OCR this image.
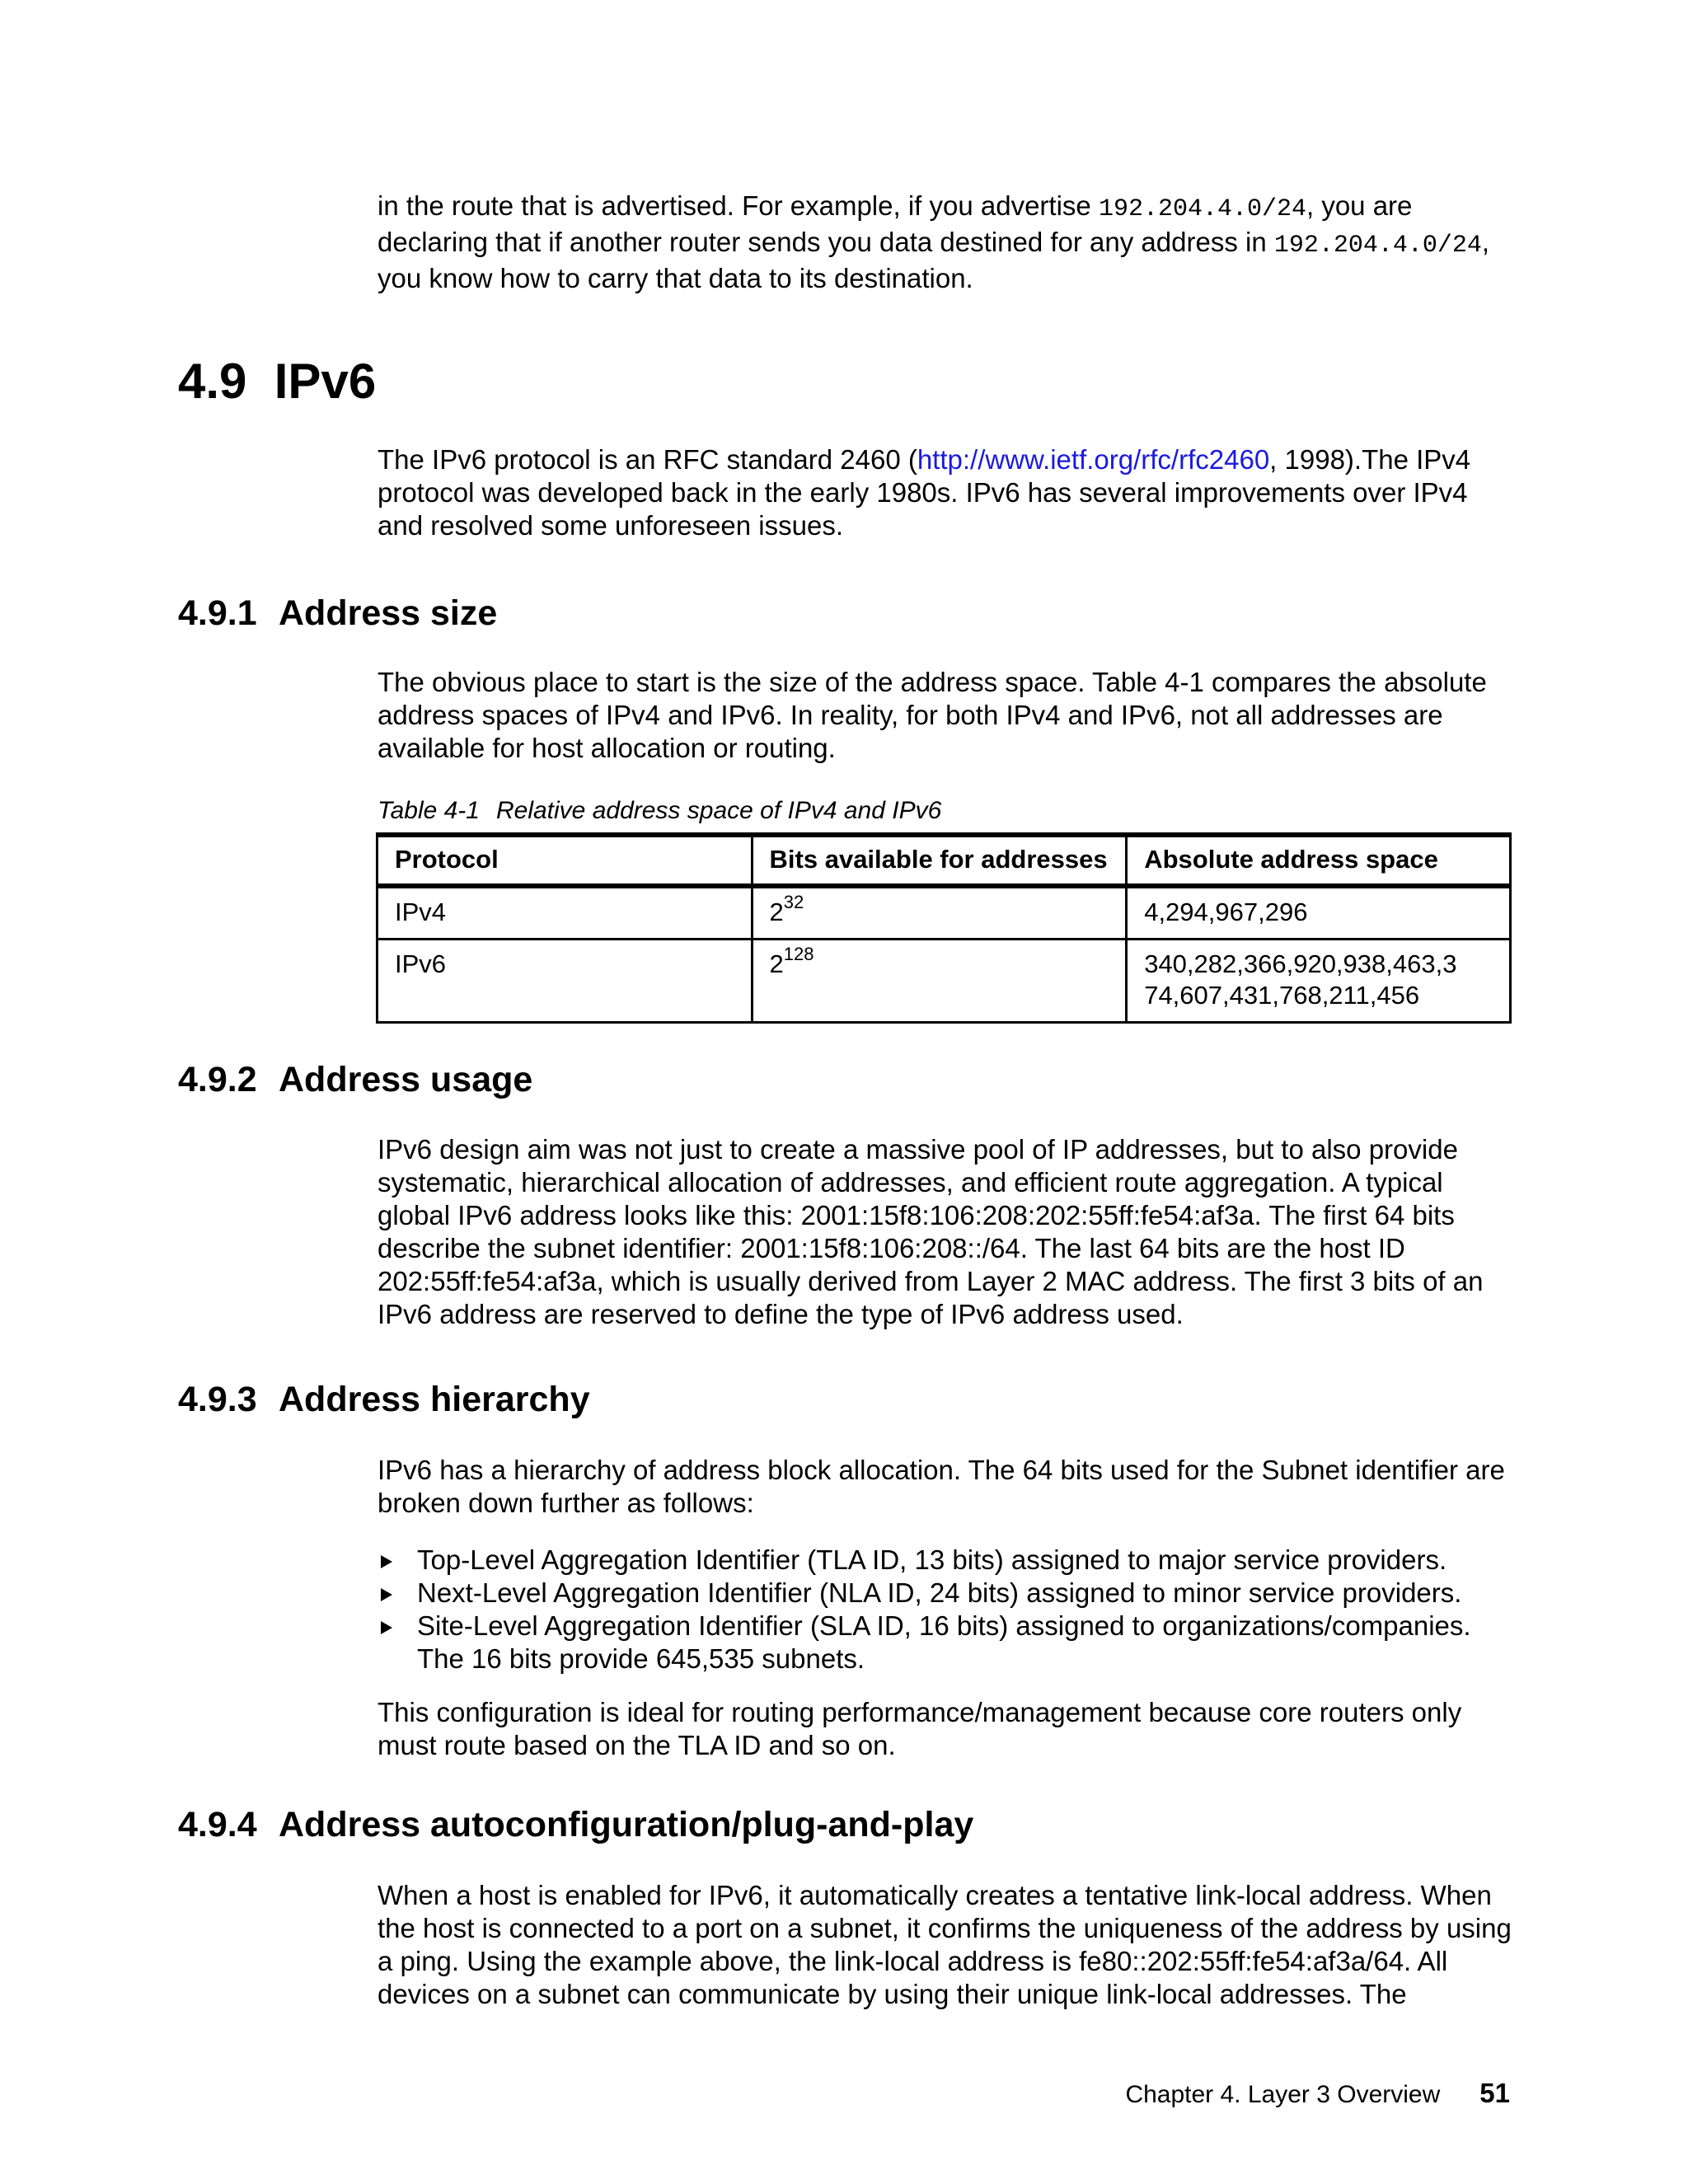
in the route that is advertised. For example, if you advertise 192.204.4.0/24, you are declaring that if another router sends you data destined for any address in 192.204.4.0/24, you know how to carry that data to its destination.

4.9 IPv6

The IPv6 protocol is an RFC standard 2460 (http://www.ietf.org/rfc/rfc2460, 1998).The IPv4 protocol was developed back in the early 1980s. IPv6 has several improvements over IPv4 and resolved some unforeseen issues.

4.9.1 Address size

The obvious place to start is the size of the address space. Table 4-1 compares the absolute address spaces of IPv4 and IPv6. In reality, for both IPv4 and IPv6, not all addresses are available for host allocation or routing.

Table 4-1 Relative address space of IPv4 and IPv6

Protocol	Bits available for addresses	Absolute address space
IPv4	$2^{32}$	4,294,967,296
IPv6	$2^{128}$	340,282,366,920,938,463,3
74,607,431,768,211,456
4.9.2 Address usage

IPv6 design aim was not just to create a massive pool of IP addresses, but to also provide systematic, hierarchical allocation of addresses, and efficient route aggregation. A typical global IPv6 address looks like this: 2001:15f8:106:208:202:55ff:fe54:af3a. The first 64 bits describe the subnet identifier: 2001:15f8:106:208::/64. The last 64 bits are the host ID 202:55ff:fe54:af3a, which is usually derived from Layer 2 MAC address. The first 3 bits of an IPv6 address are reserved to define the type of IPv6 address used.

4.9.3 Address hierarchy

IPv6 has a hierarchy of address block allocation. The 64 bits used for the Subnet identifier are broken down further as follows:

Top-Level Aggregation Identifier (TLA ID, 13 bits) assigned to major service providers.
Next-Level Aggregation Identifier (NLA ID, 24 bits) assigned to minor service providers.
Site-Level Aggregation Identifier (SLA ID, 16 bits) assigned to organizations/companies. The 16 bits provide 645,535 subnets.

This configuration is ideal for routing performance/management because core routers only must route based on the TLA ID and so on.

4.9.4 Address autoconfiguration/plug-and-play

When a host is enabled for IPv6, it automatically creates a tentative link-local address. When the host is connected to a port on a subnet, it confirms the uniqueness of the address by using a ping. Using the example above, the link-local address is fe80::202:55ff:fe54:af3a/64. All devices on a subnet can communicate by using their unique link-local addresses. The

Chapter 4. Layer 3 Overview 51
